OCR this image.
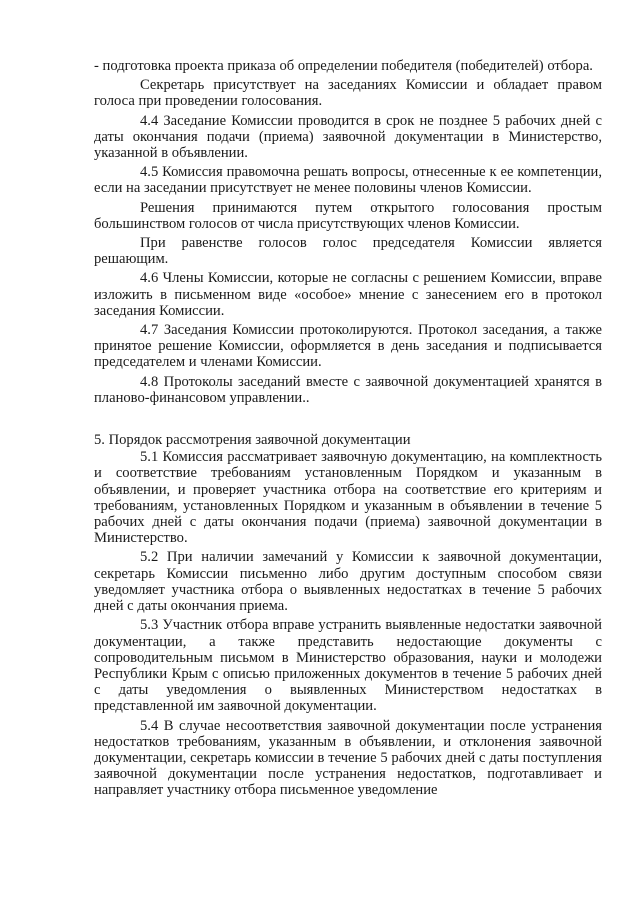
- подготовка проекта приказа об определении победителя (победителей) отбора.

Секретарь присутствует на заседаниях Комиссии и обладает правом голоса при проведении голосования.

4.4 Заседание Комиссии проводится в срок не позднее 5 рабочих дней с даты окончания подачи (приема) заявочной документации в Министерство, указанной в объявлении.

4.5 Комиссия правомочна решать вопросы, отнесенные к ее компетенции, если на заседании присутствует не менее половины членов Комиссии.

Решения принимаются путем открытого голосования простым большинством голосов от числа присутствующих членов Комиссии.

При равенстве голосов голос председателя Комиссии является решающим.

4.6 Члены Комиссии, которые не согласны с решением Комиссии, вправе изложить в письменном виде «особое» мнение с занесением его в протокол заседания Комиссии.

4.7 Заседания Комиссии протоколируются. Протокол заседания, а также принятое решение Комиссии, оформляется в день заседания и подписывается председателем и членами Комиссии.

4.8 Протоколы заседаний вместе с заявочной документацией хранятся в планово-финансовом управлении..

5. Порядок рассмотрения заявочной документации

5.1 Комиссия рассматривает заявочную документацию, на комплектность и соответствие требованиям установленным Порядком и указанным в объявлении, и проверяет участника отбора на соответствие его критериям и требованиям, установленных Порядком и указанным в объявлении в течение 5 рабочих дней с даты окончания подачи (приема) заявочной документации в Министерство.

5.2 При наличии замечаний у Комиссии к заявочной документации, секретарь Комиссии письменно либо другим доступным способом связи уведомляет участника отбора о выявленных недостатках в течение 5 рабочих дней с даты окончания приема.

5.3 Участник отбора вправе устранить выявленные недостатки заявочной документации, а также представить недостающие документы с сопроводительным письмом в Министерство образования, науки и молодежи Республики Крым с описью приложенных документов в течение 5 рабочих дней с даты уведомления о выявленных Министерством недостатках в представленной им заявочной документации.

5.4 В случае несоответствия заявочной документации после устранения недостатков требованиям, указанным в объявлении, и отклонения заявочной документации, секретарь комиссии в течение 5 рабочих дней с даты поступления заявочной документации после устранения недостатков, подготавливает и направляет участнику отбора письменное уведомление
